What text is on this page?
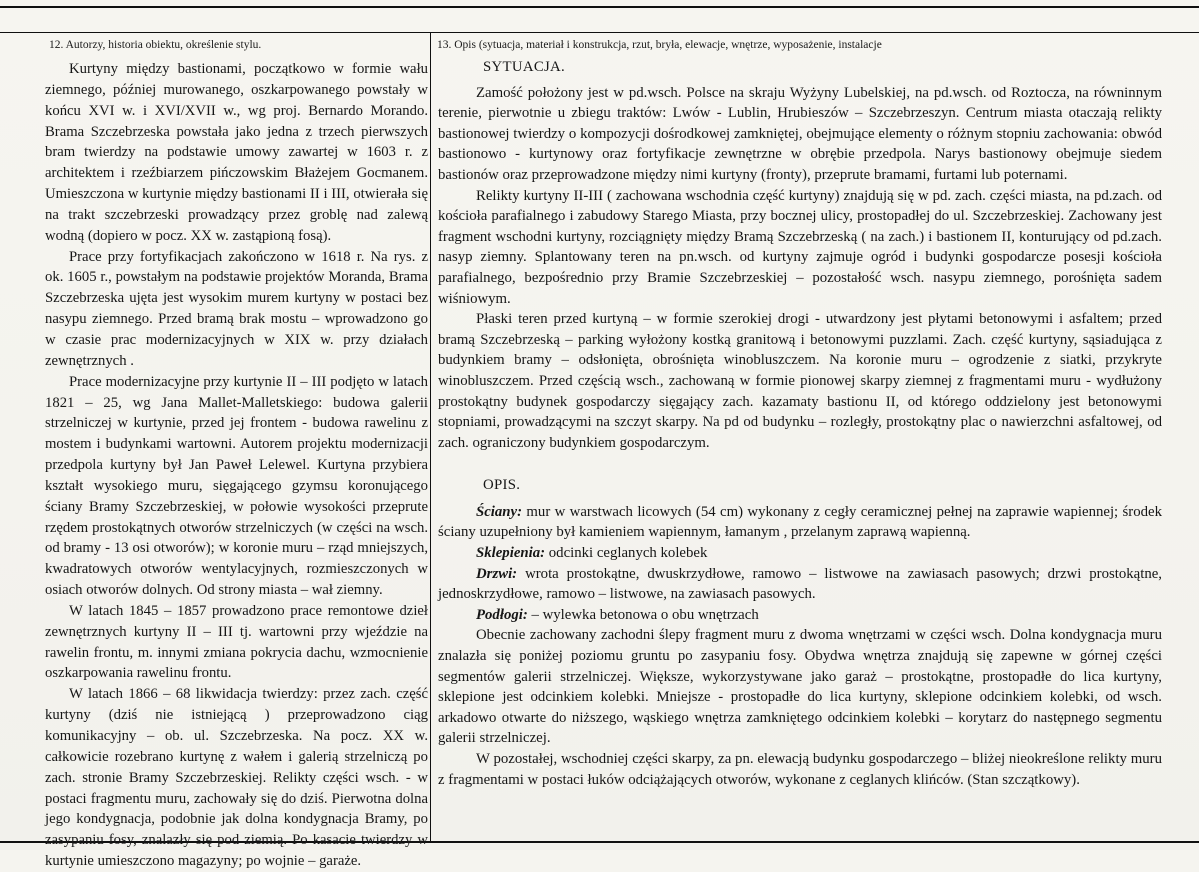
12. Autorzy, historia obiektu, określenie stylu.	13. Opis (sytuacja, materiał i konstrukcja, rzut, bryła, elewacje, wnętrze, wyposażenie, instalacje

Kurtyny między bastionami, początkowo w formie wału ziemnego, później murowanego, oszkarpowanego powstały w końcu XVI w. i XVI/XVII w., wg proj. Bernardo Morando. Brama Szczebrzeska powstała jako jedna z trzech pierwszych bram twierdzy na podstawie umowy zawartej w 1603 r. z architektem i rzeźbiarzem pińczowskim Błażejem Gocmanem. Umieszczona w kurtynie między bastionami II i III, otwierała się na trakt szczebrzeski prowadzący przez groblę nad zalewą wodną (dopiero w pocz. XX w. zastąpioną fosą).

Prace przy fortyfikacjach zakończono w 1618 r. Na rys. z ok. 1605 r., powstałym na podstawie projektów Moranda, Brama Szczebrzeska ujęta jest wysokim murem kurtyny w postaci bez nasypu ziemnego. Przed bramą brak mostu – wprowadzono go w czasie prac modernizacyjnych w XIX w. przy działach zewnętrznych .

Prace modernizacyjne przy kurtynie II – III podjęto w latach 1821 – 25, wg Jana Mallet-Malletskiego: budowa galerii strzelniczej w kurtynie, przed jej frontem - budowa rawelinu z mostem i budynkami wartowni. Autorem projektu modernizacji przedpola kurtyny był Jan Paweł Lelewel. Kurtyna przybiera kształt wysokiego muru, sięgającego gzymsu koronującego ściany Bramy Szczebrzeskiej, w połowie wysokości przeprute rzędem prostokątnych otworów strzelniczych (w części na wsch. od bramy - 13 osi otworów); w koronie muru – rząd mniejszych, kwadratowych otworów wentylacyjnych, rozmieszczonych w osiach otworów dolnych. Od strony miasta – wał ziemny.

W latach 1845 – 1857 prowadzono prace remontowe dzieł zewnętrznych kurtyny II – III tj. wartowni przy wjeździe na rawelin frontu, m. innymi zmiana pokrycia dachu, wzmocnienie oszkarpowania rawelinu frontu.

W latach 1866 – 68 likwidacja twierdzy: przez zach. część kurtyny (dziś nie istniejącą ) przeprowadzono ciąg komunikacyjny – ob. ul. Szczebrzeska. Na pocz. XX w. całkowicie rozebrano kurtynę z wałem i galerią strzelniczą po zach. stronie Bramy Szczebrzeskiej. Relikty części wsch. - w postaci fragmentu muru, zachowały się do dziś. Pierwotna dolna jego kondygnacja, podobnie jak dolna kondygnacja Bramy, po zasypaniu fosy, znalazły się pod ziemią. Po kasacie twierdzy w kurtynie umieszczono magazyny; po wojnie – garaże.

SYTUACJA.

Zamość położony jest w pd.wsch. Polsce na skraju Wyżyny Lubelskiej, na pd.wsch. od Roztocza, na równinnym terenie, pierwotnie u zbiegu traktów: Lwów - Lublin, Hrubieszów – Szczebrzeszyn. Centrum miasta otaczają relikty bastionowej twierdzy o kompozycji dośrodkowej zamkniętej, obejmujące elementy o różnym stopniu zachowania: obwód bastionowo - kurtynowy oraz fortyfikacje zewnętrzne w obrębie przedpola. Narys bastionowy obejmuje siedem bastionów oraz przeprowadzone między nimi kurtyny (fronty), przeprute bramami, furtami lub poternami.

Relikty kurtyny II-III ( zachowana wschodnia część kurtyny) znajdują się w pd. zach. części miasta, na pd.zach. od kościoła parafialnego i zabudowy Starego Miasta, przy bocznej ulicy, prostopadłej do ul. Szczebrzeskiej. Zachowany jest fragment wschodni kurtyny, rozciągnięty między Bramą Szczebrzeską ( na zach.) i bastionem II, konturujący od pd.zach. nasyp ziemny. Splantowany teren na pn.wsch. od kurtyny zajmuje ogród i budynki gospodarcze posesji kościoła parafialnego, bezpośrednio przy Bramie Szczebrzeskiej – pozostałość wsch. nasypu ziemnego, porośnięta sadem wiśniowym.

Płaski teren przed kurtyną – w formie szerokiej drogi - utwardzony jest płytami betonowymi i asfaltem; przed bramą Szczebrzeską – parking wyłożony kostką granitową i betonowymi puzzlami. Zach. część kurtyny, sąsiadująca z budynkiem bramy – odsłonięta, obrośnięta winobluszczem. Na koronie muru – ogrodzenie z siatki, przykryte winobluszczem. Przed częścią wsch., zachowaną w formie pionowej skarpy ziemnej z fragmentami muru - wydłużony prostokątny budynek gospodarczy sięgający zach. kazamaty bastionu II, od którego oddzielony jest betonowymi stopniami, prowadzącymi na szczyt skarpy. Na pd od budynku – rozległy, prostokątny plac o nawierzchni asfaltowej, od zach. ograniczony budynkiem gospodarczym.

OPIS.

Ściany: mur w warstwach licowych (54 cm) wykonany z cegły ceramicznej pełnej na zaprawie wapiennej; środek ściany uzupełniony był kamieniem wapiennym, łamanym , przelanym zaprawą wapienną.

Sklepienia: odcinki ceglanych kolebek

Drzwi: wrota prostokątne, dwuskrzydłowe, ramowo – listwowe na zawiasach pasowych; drzwi prostokątne, jednoskrzydłowe, ramowo – listwowe, na zawiasach pasowych.

Podłogi: – wylewka betonowa o obu wnętrzach

Obecnie zachowany zachodni ślepy fragment muru z dwoma wnętrzami w części wsch. Dolna kondygnacja muru znalazła się poniżej poziomu gruntu po zasypaniu fosy. Obydwa wnętrza znajdują się zapewne w górnej części segmentów galerii strzelniczej. Większe, wykorzystywane jako garaż – prostokątne, prostopadłe do lica kurtyny, sklepione jest odcinkiem kolebki. Mniejsze - prostopadłe do lica kurtyny, sklepione odcinkiem kolebki, od wsch. arkadowo otwarte do niższego, wąskiego wnętrza zamkniętego odcinkiem kolebki – korytarz do następnego segmentu galerii strzelniczej.

W pozostałej, wschodniej części skarpy, za pn. elewacją budynku gospodarczego – bliżej nieokreślone relikty muru z fragmentami w postaci łuków odciążających otworów, wykonane z ceglanych klińców. (Stan szczątkowy).
